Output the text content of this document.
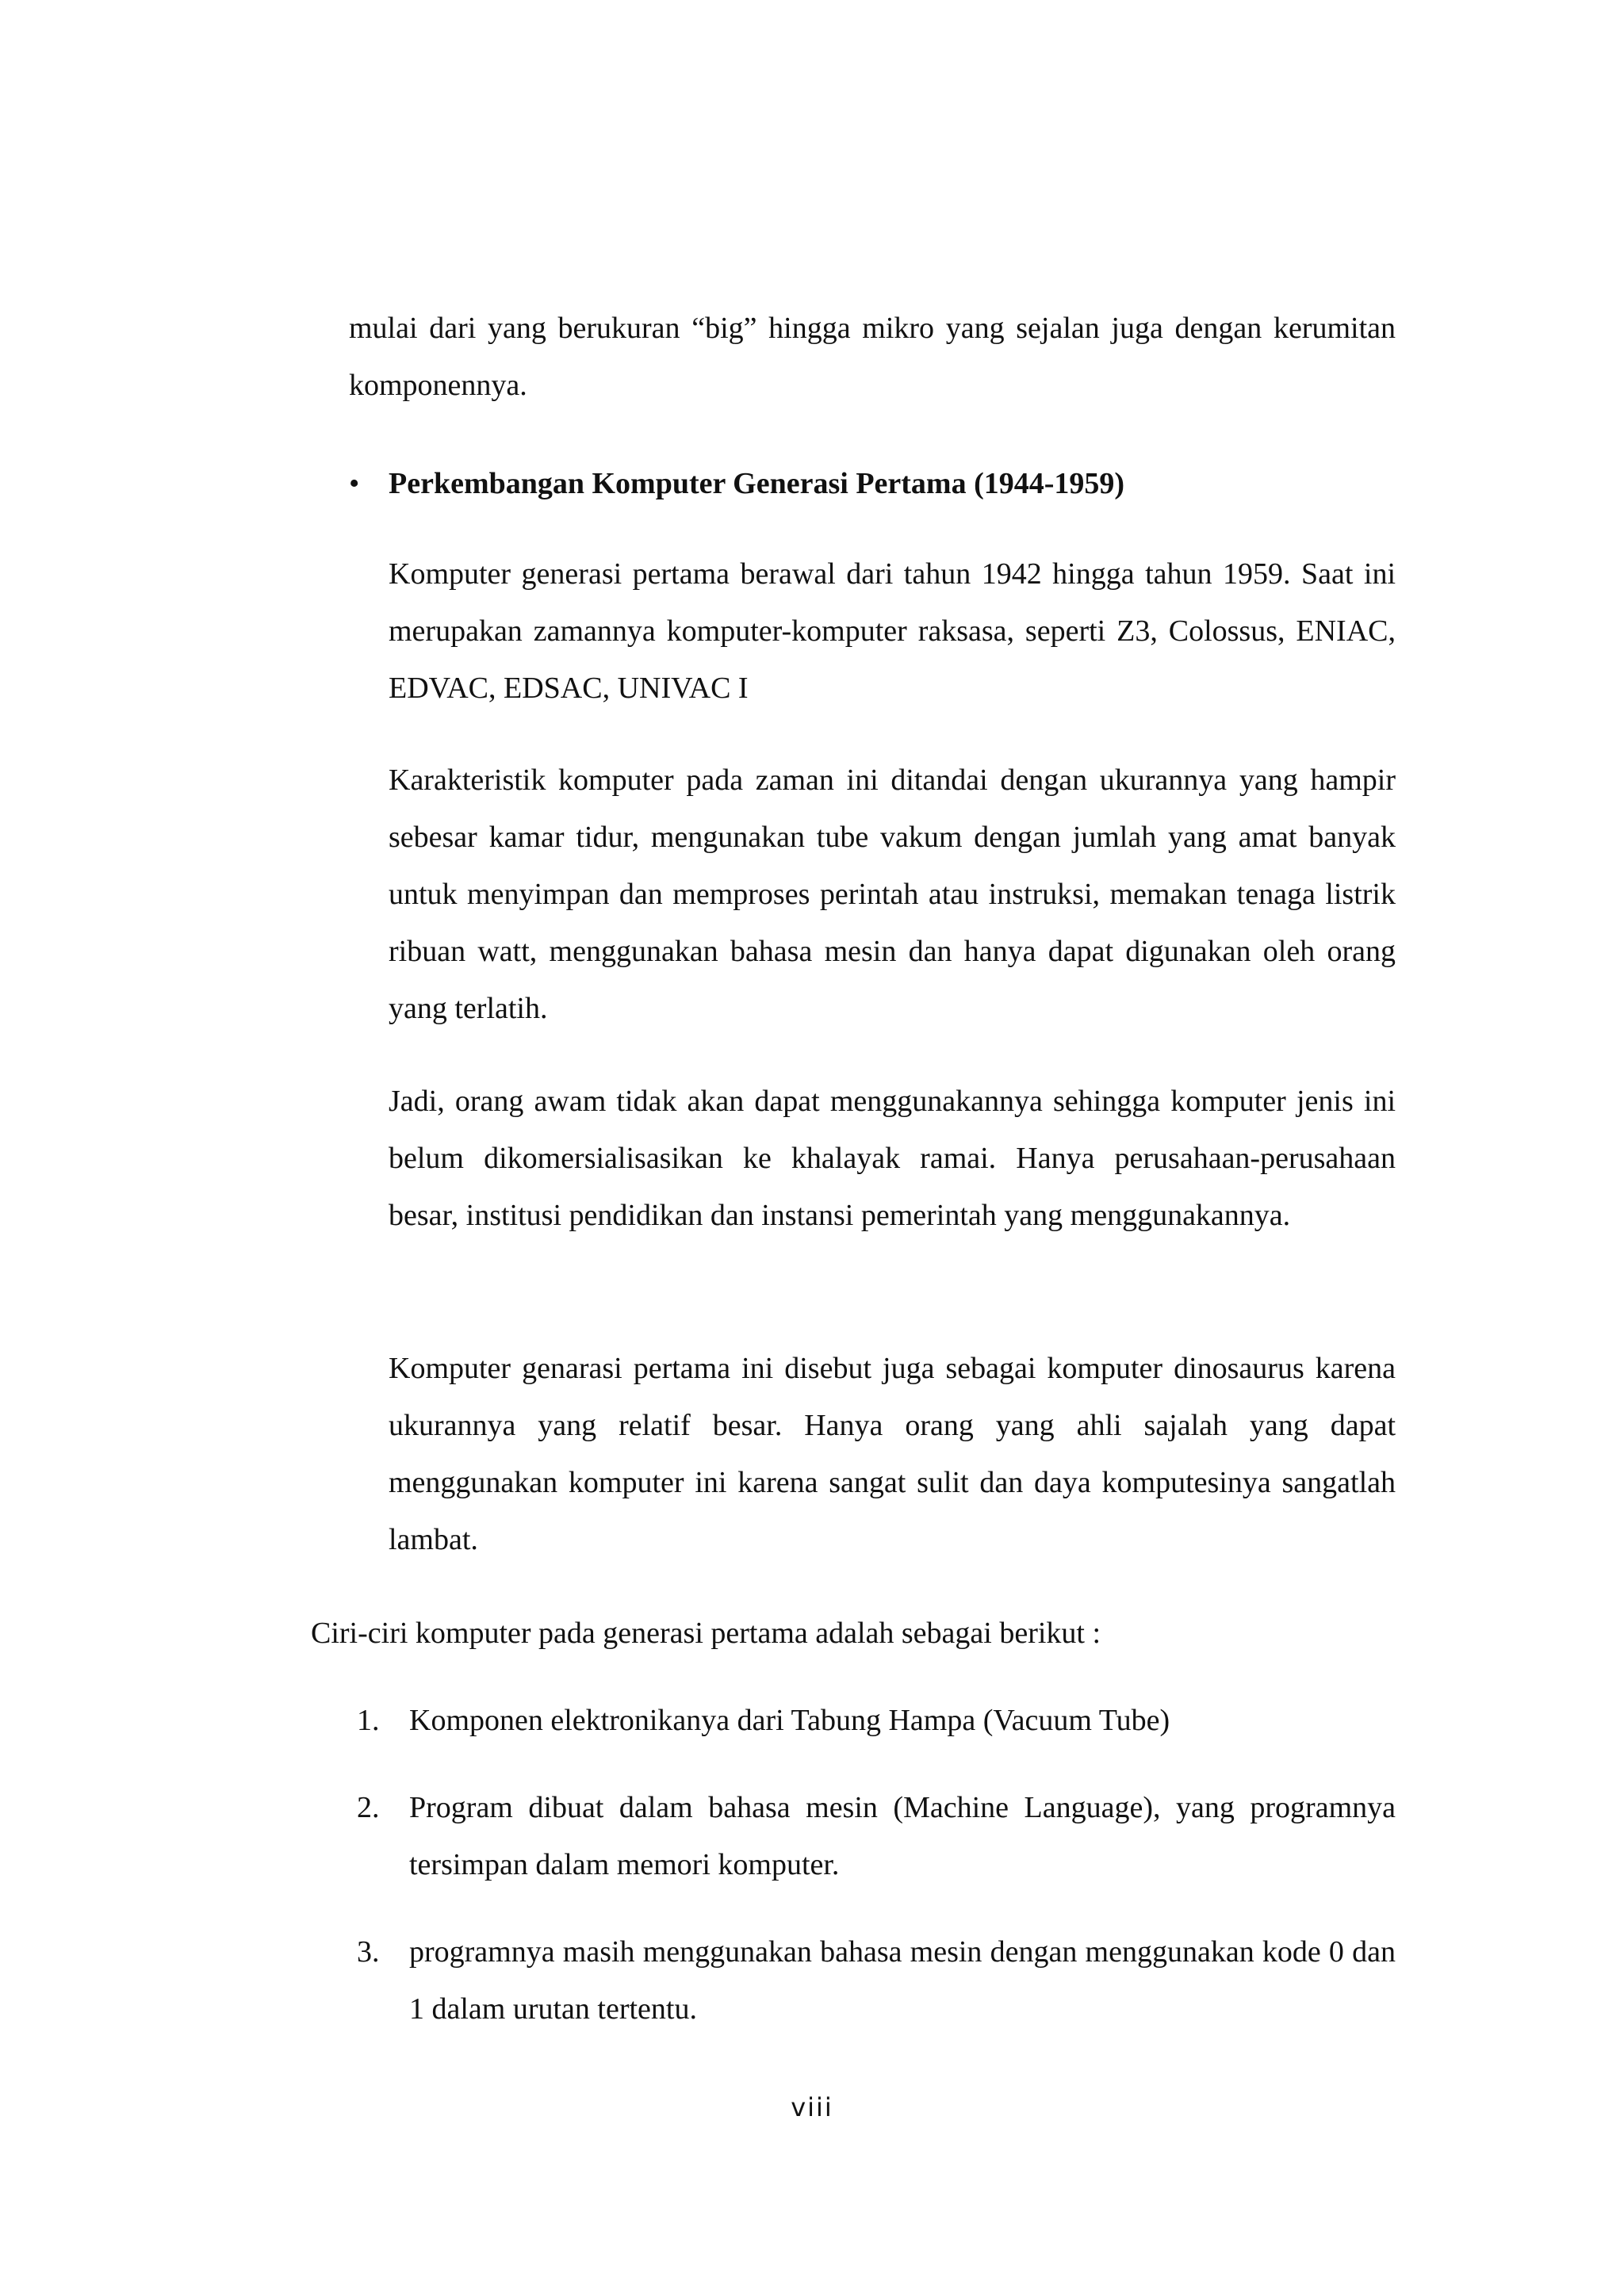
mulai dari yang berukuran “big” hingga mikro yang sejalan juga dengan kerumitan komponennya.

• Perkembangan Komputer Generasi Pertama (1944-1959)

Komputer generasi pertama berawal dari tahun 1942 hingga tahun 1959. Saat ini merupakan zamannya komputer-komputer raksasa, seperti Z3, Colossus, ENIAC, EDVAC, EDSAC, UNIVAC I

Karakteristik komputer pada zaman ini ditandai dengan ukurannya yang hampir sebesar kamar tidur, mengunakan tube vakum dengan jumlah yang amat banyak untuk menyimpan dan memproses perintah atau instruksi, memakan tenaga listrik ribuan watt, menggunakan bahasa mesin dan hanya dapat digunakan oleh orang yang terlatih.

Jadi, orang awam tidak akan dapat menggunakannya sehingga komputer jenis ini belum dikomersialisasikan ke khalayak ramai. Hanya perusahaan-perusahaan besar, institusi pendidikan dan instansi pemerintah yang menggunakannya.

Komputer genarasi pertama ini disebut juga sebagai komputer dinosaurus karena ukurannya yang relatif besar. Hanya orang yang ahli sajalah yang dapat menggunakan komputer ini karena sangat sulit dan daya komputesinya sangatlah lambat.

Ciri-ciri komputer pada generasi pertama adalah sebagai berikut :

1. Komponen elektronikanya dari Tabung Hampa (Vacuum Tube)
2. Program dibuat dalam bahasa mesin (Machine Language), yang programnya tersimpan dalam memori komputer.
3. programnya masih menggunakan bahasa mesin dengan menggunakan kode 0 dan 1 dalam urutan tertentu.
viii
